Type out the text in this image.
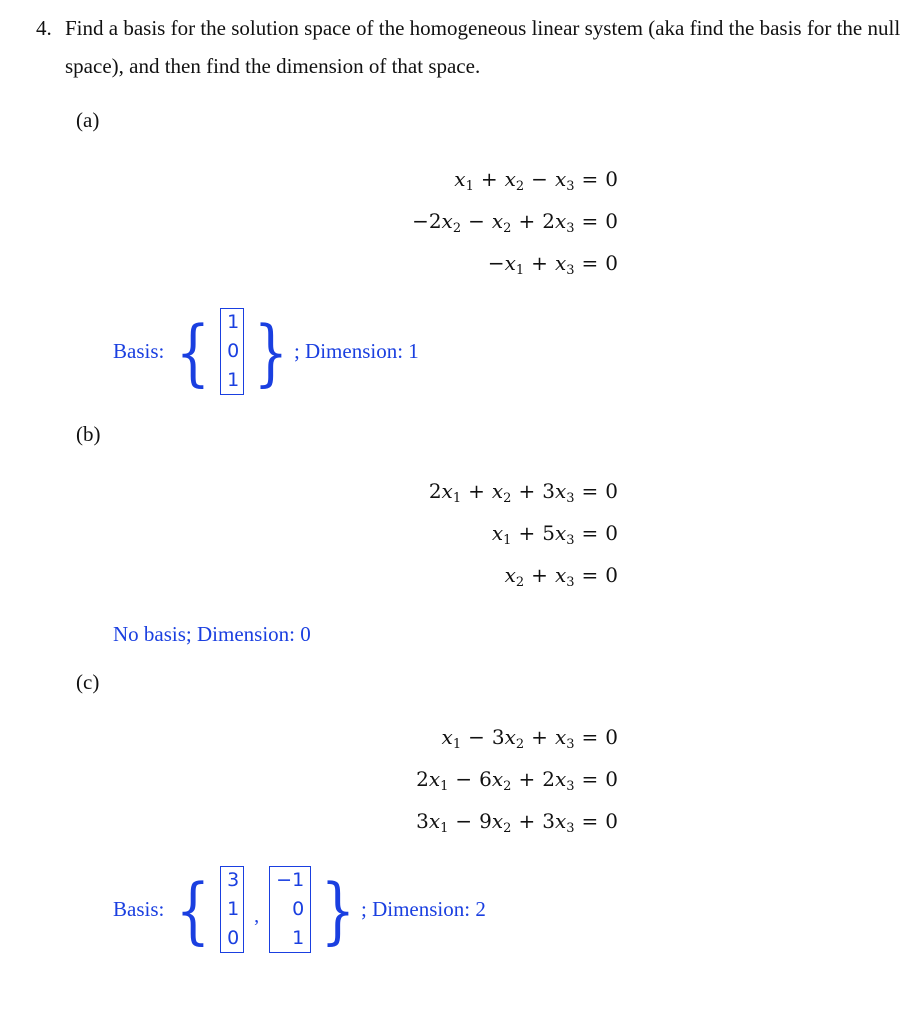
4. Find a basis for the solution space of the homogeneous linear system (aka find the basis for the null
space), and then find the dimension of that space.
(a)
$x_1 + x_2 - x_3 = 0$
$-2x_2 - x_2 + 2x_3 = 0$
$-x_1 + x_3 = 0$
Basis: { 1
0
1 } ; Dimension: 1
(b)
$2x_1 + x_2 + 3x_3 = 0$
$x_1 + 5x_3 = 0$
$x_2 + x_3 = 0$
No basis; Dimension: 0
(c)
$x_1 - 3x_2 + x_3 = 0$
$2x_1 - 6x_2 + 2x_3 = 0$
$3x_1 - 9x_2 + 3x_3 = 0$
Basis: { 3
1
0
,
−1
0
1 } ; Dimension: 2
